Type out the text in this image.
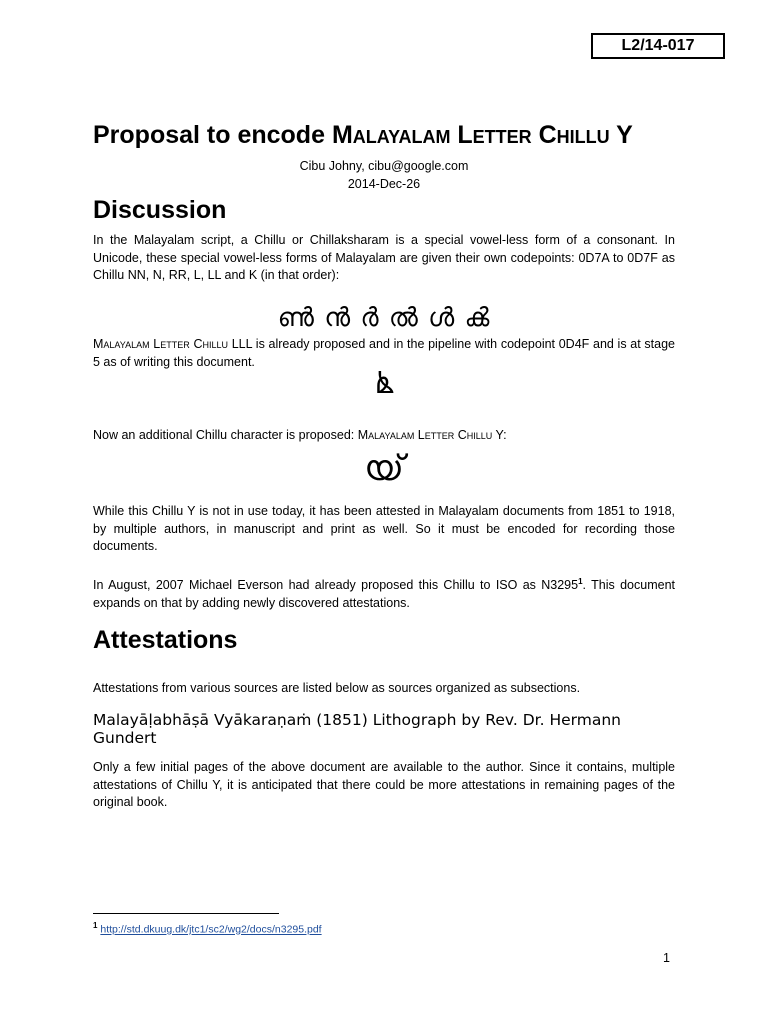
L2/14-017
Proposal to encode Malayalam Letter Chillu Y
Cibu Johny, cibu@google.com
2014-Dec-26
Discussion

In the Malayalam script, a Chillu or Chillaksharam is a special vowel-less form of a consonant. In Unicode, these special vowel-less forms of Malayalam are given their own codepoints: 0D7A to 0D7F as Chillu NN, N, RR, L, LL and K (in that order):

ൺ ൻ ർ ൽ ൾ ൿ

Malayalam Letter Chillu LLL is already proposed and in the pipeline with codepoint 0D4F and is at stage 5 as of writing this document.

ൔ

Now an additional Chillu character is proposed: Malayalam Letter Chillu Y:

യ്

While this Chillu Y is not in use today, it has been attested in Malayalam documents from 1851 to 1918, by multiple authors, in manuscript and print as well. So it must be encoded for recording those documents.

In August, 2007 Michael Everson had already proposed this Chillu to ISO as N3295$^1$. This document expands on that by adding newly discovered attestations.

Attestations

Attestations from various sources are listed below as sources organized as subsections.

Malayāḷabhāṣā Vyākaraṇaṁ (1851) Lithograph by Rev. Dr. Hermann Gundert

Only a few initial pages of the above document are available to the author. Since it contains, multiple attestations of Chillu Y, it is anticipated that there could be more attestations in remaining pages of the original book.

$^1$ http://std.dkuug.dk/jtc1/sc2/wg2/docs/n3295.pdf
1
